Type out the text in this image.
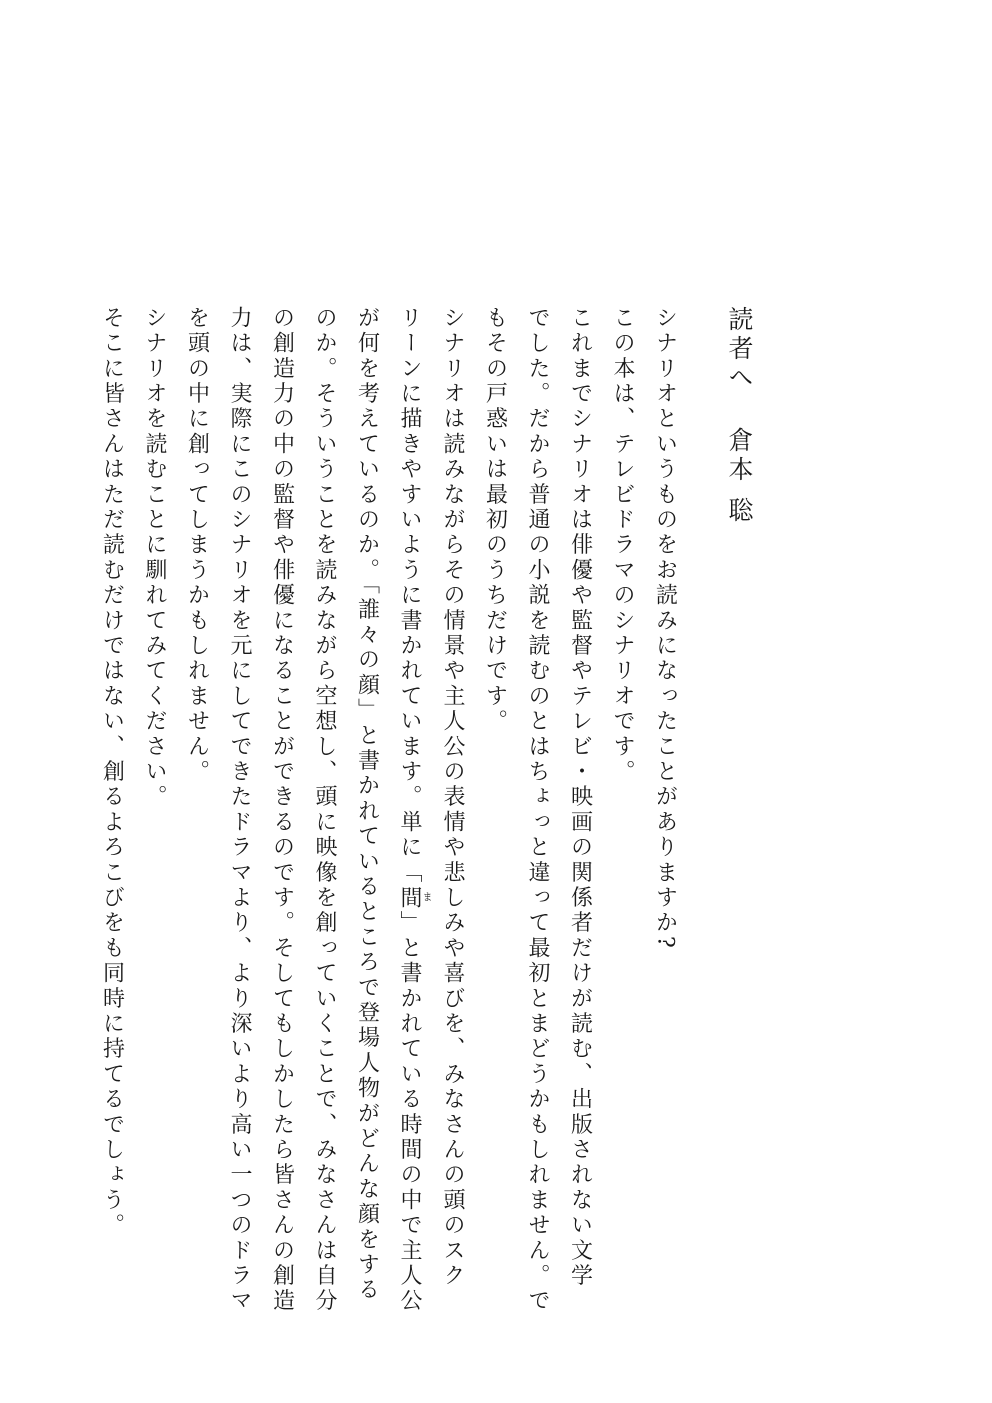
読者へ倉本 聡
シナリオというものをお読みになったことがありますか?
この本は、テレビドラマのシナリオです。
これまでシナリオは俳優や監督やテレビ・映画の関係者だけが読む、出版されない文学
でした。だから普通の小説を読むのとはちょっと違って最初とまどうかもしれません。で
もその戸惑いは最初のうちだけです。
シナリオは読みながらその情景や主人公の表情や悲しみや喜びを、みなさんの頭のスク
リーンに描きやすいように書かれています。単に「間ま」と書かれている時間の中で主人公
が何を考えているのか。「誰々の顔」と書かれているところで登場人物がどんな顔をする
のか。そういうことを読みながら空想し、頭に映像を創っていくことで、みなさんは自分
の創造力の中の監督や俳優になることができるのです。そしてもしかしたら皆さんの創造
力は、実際にこのシナリオを元にしてできたドラマより、より深いより高い一つのドラマ
を頭の中に創ってしまうかもしれません。
シナリオを読むことに馴れてみてください。
そこに皆さんはただ読むだけではない、創るよろこびをも同時に持てるでしょう。
